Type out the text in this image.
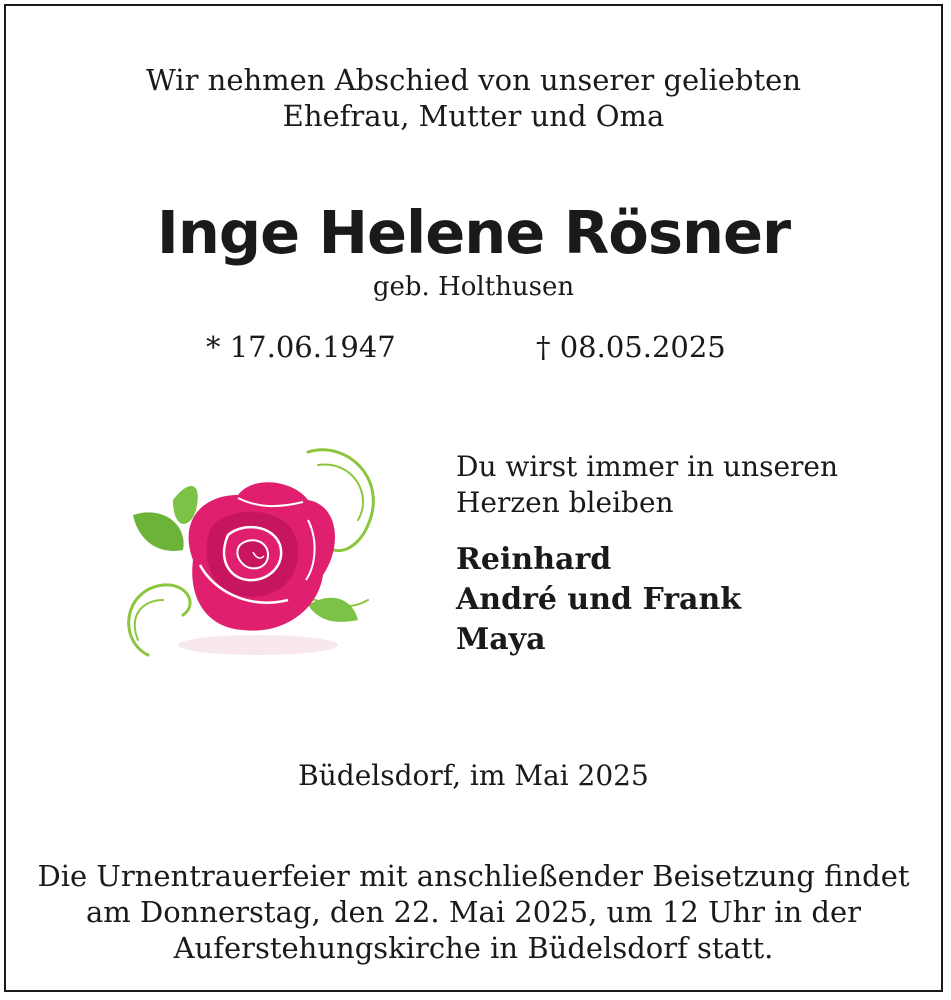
Wir nehmen Abschied von unserer geliebten
Ehefrau, Mutter und Oma
Inge Helene Rösner
geb. Holthusen
* 17.06.1947	† 08.05.2025
Du wirst immer in unseren
Herzen bleiben
Reinhard
André und Frank
Maya
Büdelsdorf, im Mai 2025
Die Urnentrauerfeier mit anschließender Beisetzung findet
am Donnerstag, den 22. Mai 2025, um 12 Uhr in der
Auferstehungskirche in Büdelsdorf statt.
